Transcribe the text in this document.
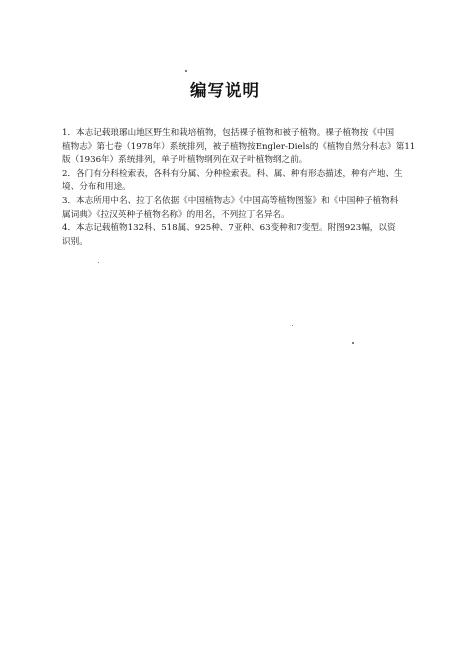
编写说明
1．本志记载琅琊山地区野生和栽培植物，包括裸子植物和被子植物。裸子植物按《中国
植物志》第七卷（1978年）系统排列，被子植物按Engler-Diels的《植物自然分科志》第11
版（1936年）系统排列，单子叶植物纲列在双子叶植物纲之前。
2．各门有分科检索表，各科有分属、分种检索表。科、属、种有形态描述，种有产地、生
境、分布和用途。
3．本志所用中名、拉丁名依据《中国植物志》《中国高等植物图鉴》和《中国种子植物科
属词典》《拉汉英种子植物名称》的用名，不列拉丁名异名。
4．本志记载植物132科、518属、925种、7亚种、63变种和7变型。附图923幅，以资
识别。
